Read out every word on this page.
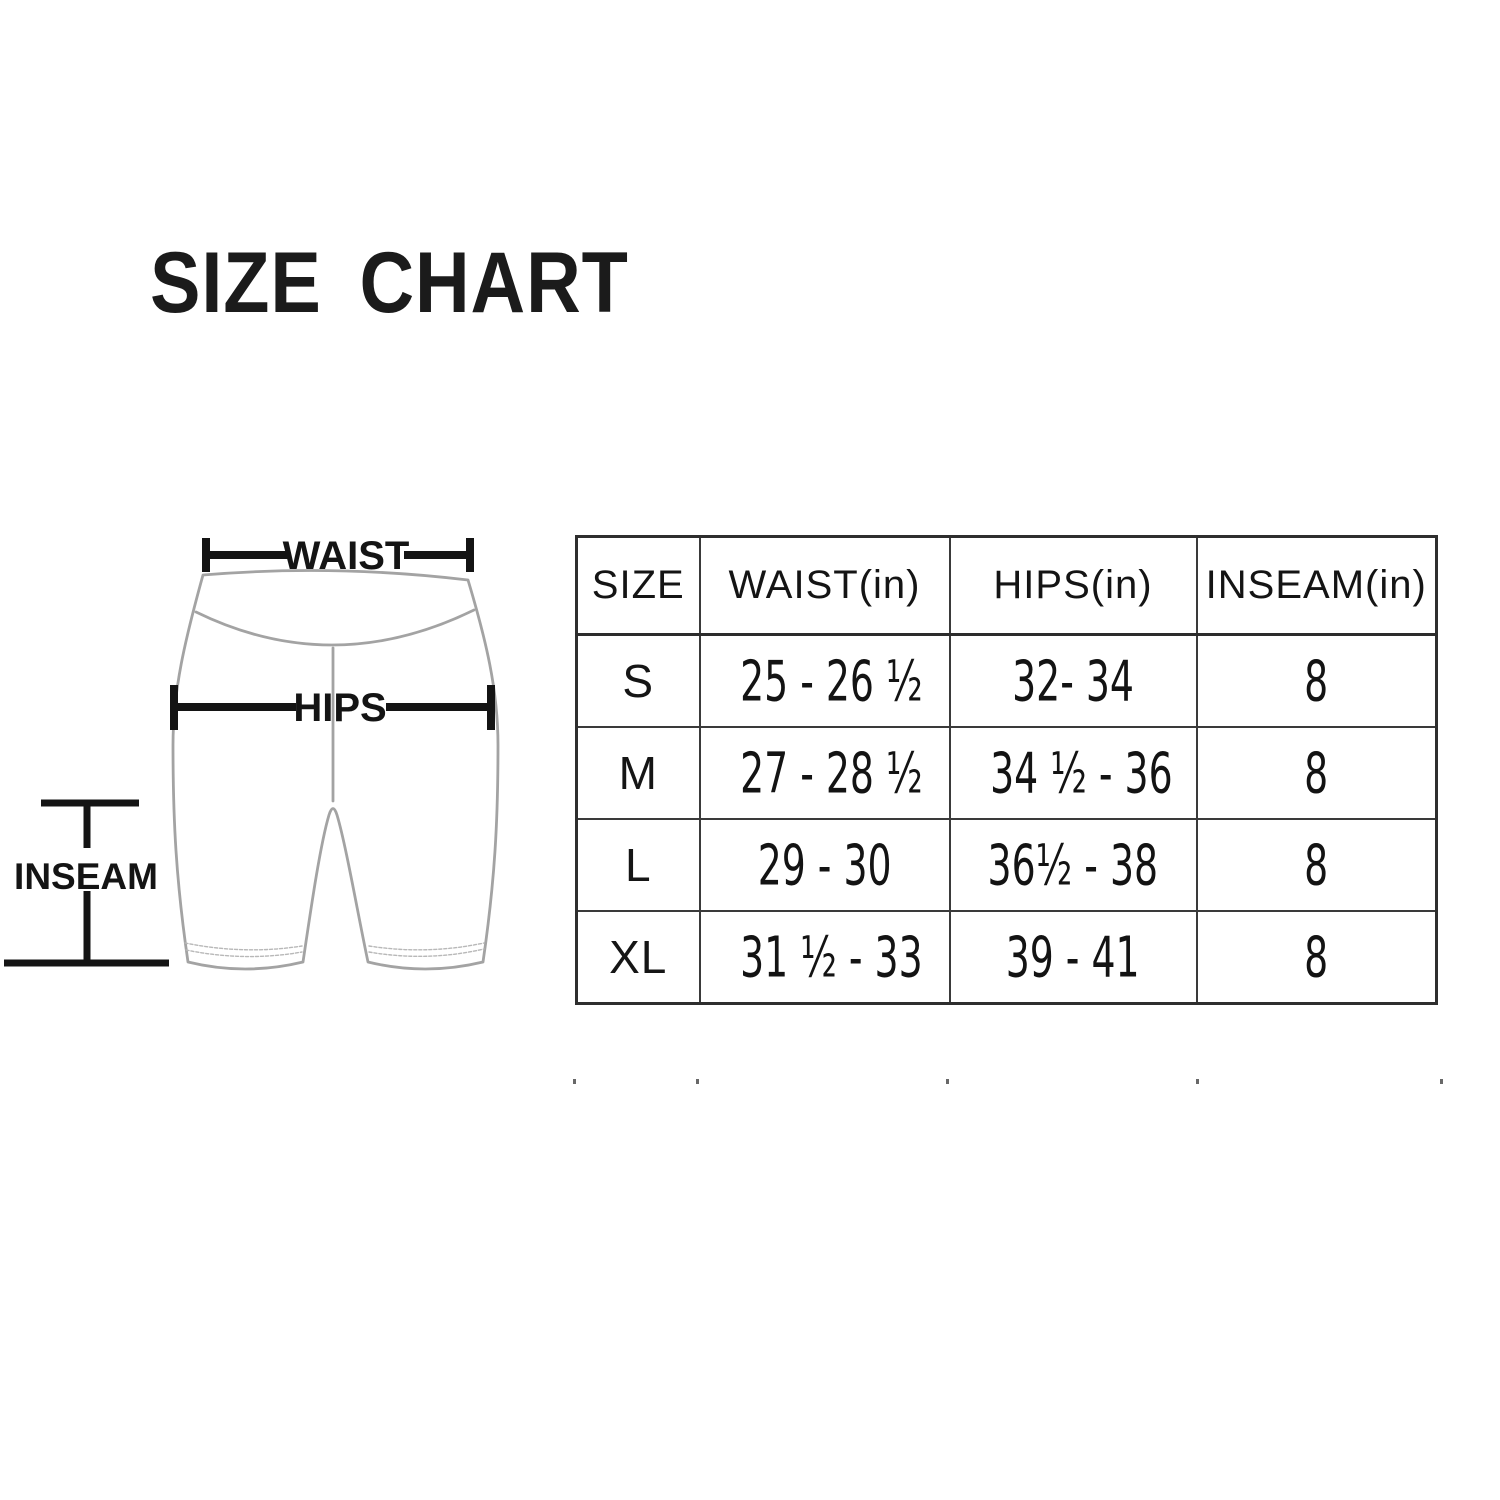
SIZE CHART
WAIST
HIPS
INSEAM
SIZE	WAIST(in)	HIPS(in)	INSEAM(in)
S	25 - 26 ½	32- 34	8
M	27 - 28 ½	34 ½ - 36	8
L	29 - 30	36½ - 38	8
XL	31 ½ - 33	39 - 41	8
